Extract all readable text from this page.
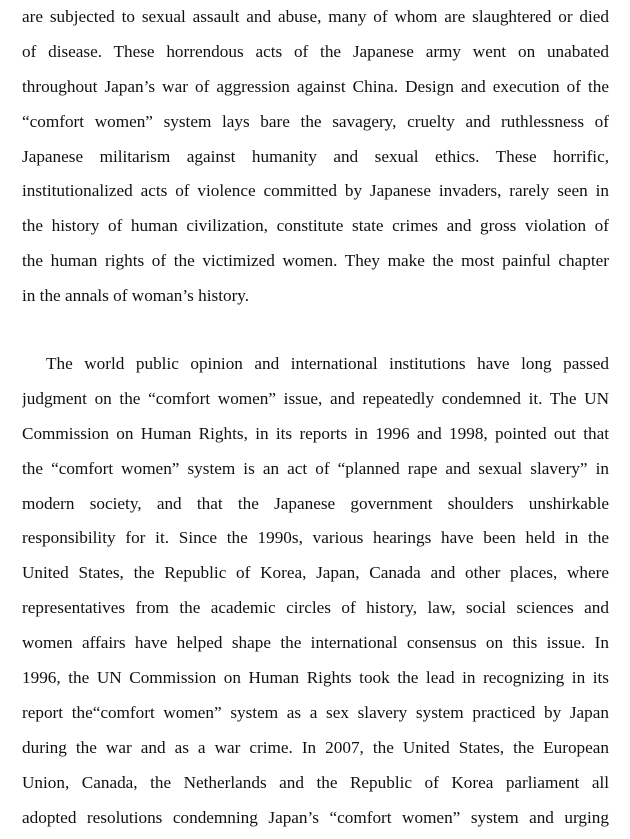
are subjected to sexual assault and abuse, many of whom are slaughtered or died
of disease. These horrendous acts of the Japanese army went on unabated
throughout Japan’s war of aggression against China. Design and execution of the
“comfort women” system lays bare the savagery, cruelty and ruthlessness of
Japanese militarism against humanity and sexual ethics. These horrific,
institutionalized acts of violence committed by Japanese invaders, rarely seen in
the history of human civilization, constitute state crimes and gross violation of
the human rights of the victimized women. They make the most painful chapter
in the annals of woman’s history.
The world public opinion and international institutions have long passed
judgment on the “comfort women” issue, and repeatedly condemned it. The UN
Commission on Human Rights, in its reports in 1996 and 1998, pointed out that
the “comfort women” system is an act of “planned rape and sexual slavery” in
modern society, and that the Japanese government shoulders unshirkable
responsibility for it. Since the 1990s, various hearings have been held in the
United States, the Republic of Korea, Japan, Canada and other places, where
representatives from the academic circles of history, law, social sciences and
women affairs have helped shape the international consensus on this issue. In
1996, the UN Commission on Human Rights took the lead in recognizing in its
report the“comfort women” system as a sex slavery system practiced by Japan
during the war and as a war crime. In 2007, the United States, the European
Union, Canada, the Netherlands and the Republic of Korea parliament all
adopted resolutions condemning Japan’s “comfort women” system and urging
